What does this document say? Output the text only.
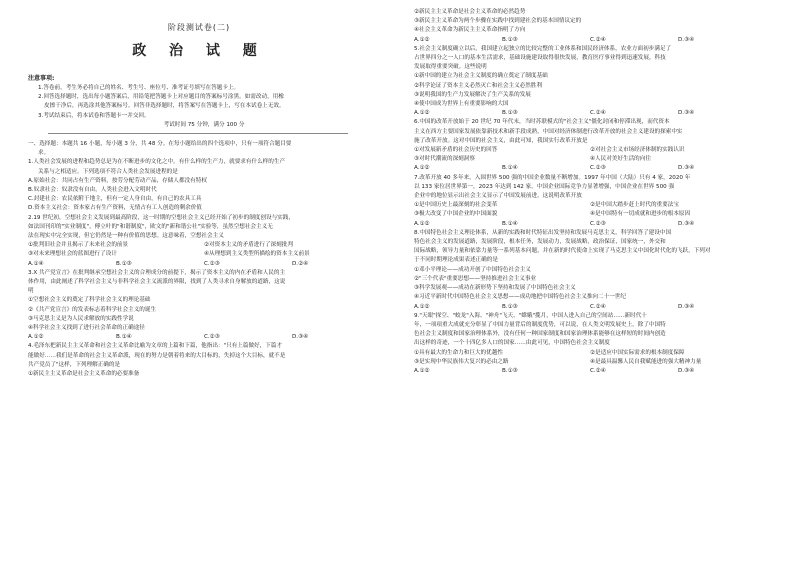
阶段测试卷(二)
政 治 试 题
注意事项:
1.答卷前，考生务必将自己的姓名、考生号、座位号、准考证号填写在答题卡上。
2.回答选择题时，选出每小题答案后，用铅笔把答题卡上对应题目的答案标号涂黑。如需改动，用橡
皮擦干净后，再选涂其他答案标号。回答非选择题时，将答案写在答题卡上，写在本试卷上无效。
3.考试结束后，将本试卷和答题卡一并交回。
考试时间 75 分钟，满分 100 分
一、选择题：本题共 16 小题，每小题 3 分，共 48 分。在每小题给出的四个选项中，只有一项符合题目要
求。
1.人类社会发展的进程和趋势总是为在不断进步的文化之中。有什么样的生产力，就要求有什么样的生产
关系与之相适应。下列选项不符合人类社会发展进程的是
A.原始社会：共同占有生产资料，按劳分配劳动产品，存储人都没有特权
B.奴隶社会：奴隶没有自由，人类社会进入文明时代
C.封建社会：农民依附于地主，但有一定人身自由，有自己的农具工具
D.资本主义社会：资本家占有生产资料，无情占有工人创造的剩余价值
2.19 世纪初，空想社会主义发展到最高阶段，这一时期的空想社会主义已经开始了初步的制度创设与实践，
如法国刊印的"实业制度"，傅立叶的"和谐制度"，欧文的"新和谐公社"实验等，虽然空想社会主义无
法在现实中完全实现，但它仍然是一种有价值的思想。这意味着，空想社会主义
①批判旧社会并且揭示了未来社会的前景	②对资本主义的矛盾进行了深刻批判
③对未来理想社会的蓝图进行了设计	④从理想到主义类型所描绘的资本主义前景
A.①④	B.①③	C.②③	D.②④
3.X 共产党宣言》在批判继承空想社会主义的合理成分的前提下，揭示了资本主义的内在矛盾和人民的主
体作用，由此阐述了科学社会主义与非科学社会主义流派的界限，找到了人类寻求自身解放的道路，这说
明
①空想社会主义的奠定了科学社会主义的理论基础
②《共产党宣言》的发表标志着科学社会主义的诞生
③马克思主义是为人民求解放的实践性学说
④科学社会主义找到了进行社会革命的正确途径
A.①②	B.①④	C.②③	D.③④
4.毛泽东把新民主主义革命和社会主义革命比喻为文章的上篇和下篇，他指出："只有上篇做好，下篇才
能做好……我们是革命的社会主义革命派，现在的努力是朝着将来的大目标的，失掉这个大目标，就不是
共产党员了"这样，下列理解正确的是
①新民主主义革命是社会主义革命的必要准备
②新民主主义革命是社会主义革命的必然趋势
③新民主主义革命为两个步骤在实践中找到建社会的基本国情议定的
④社会主义革命为新民主主义革命指明了方向
A.①②	B.①③	C.②④	D.③④
5.社会主义制度确立以后，我国建立起独立的比较完整的工业体系和国民经济体系，农业方面初步满足了
占世界四分之一人口的基本生活需求，基础设施建设取得很快发展，教育医疗事业得到迅速发展，科技
发展取得重要突破。这些说明
①新中国的建立为社会主义制度的确立奠定了制度基础
②科学论证了资本主义必然灭亡和社会主义必然胜利
③说明我国的生产力发展解决了生产关系的发展
④使中国成为世界上有重要影响的大国
A.①②	B.①③	C.②④	D.③④
6.中国的改革开放始于 20 世纪 70 年代末，当时苏联模式的"社会主义"僵化封闭和停滞出现，而代资本
主义在西方主要国家发展依靠新技术和新手段成熟，中国对经济体制进行改革开放的社会主义建设的探索中实
施了改革开放。这对中国的社会主义，由此可知，我国实行改革开放是
①对发展新矛盾的社会历史的回答	②对社会主义市场经济体制的实践认识
③对时代潮流的深刻洞察	④人民对美好生活的向往
A.①②	B.①④	C.②③	D.③④
7.改革开放 40 多年来，入围世界 500 强的中国企业数量不断增加。1997 年中国（大陆）只有 4 家，2020 年
以 133 家位居世界第一，2023 年达到 142 家。中国企业国际竞争力显著增强，中国企业在世界 500 强
企业中的地位显示出社会主义显示了中国发展前进，这说明改革开放
①是中国历史上最深刻的社会变革	②是中国大踏步赶上时代的重要法宝
③极大改变了中国企业的中国面貌	④是中国特有一切成就和进步的根本原因
A.①②	B.①④	C.②③	D.③④
8.中国特色社会主义理论体系，从新的实践和时代特征出发坚持和发展马克思主义，科学回答了建设中国
特色社会主义的发展道路，发展阶段，根本任务，发展动力，发展战略，政治保证，国家统一，外交和
国际战略，领导力量和依靠力量等一系列基本问题，并在新的时代使命上实现了马克思主义中国化时代化的飞跃，下列对
于不同时期理论成果表述正确的是
①邓小平理论——成功开创了中国特色社会主义
②"三个代表"重要思想——坚持推进社会主义事业
③科学发展观——成功在新形势下坚持和发展了中国特色社会主义
④习近平新时代中国特色社会主义思想——成功地把中国特色社会主义推向二十一世纪
A.①②	B.①③	C.②④	D.③④
9."天眼"探空、"蛟龙"入海、"神舟"飞天、"嫦娥"揽月，中国人进入自己的空间站……新时代十
年，一项项重大成就充分彰显了中国力量背后的制度优势，可以说，在人类文明发展史上，除了中国特
色社会主义制度和国家治理体系外，没有任何一种国家制度和国家治理体系能够在这样短的时间内创造
出这样的奇迹，一个十四亿多人口的国家……由此可见，中国特色社会主义制度
①具有最大的生命力和巨大的优越性	②是适应中国实际需求的根本制度保障
③是实现中华民族伟大复兴的必由之路	④是最具温馨人民自我赋能进的强大精神力量
A.①②	B.①③	C.②④	D.③④
